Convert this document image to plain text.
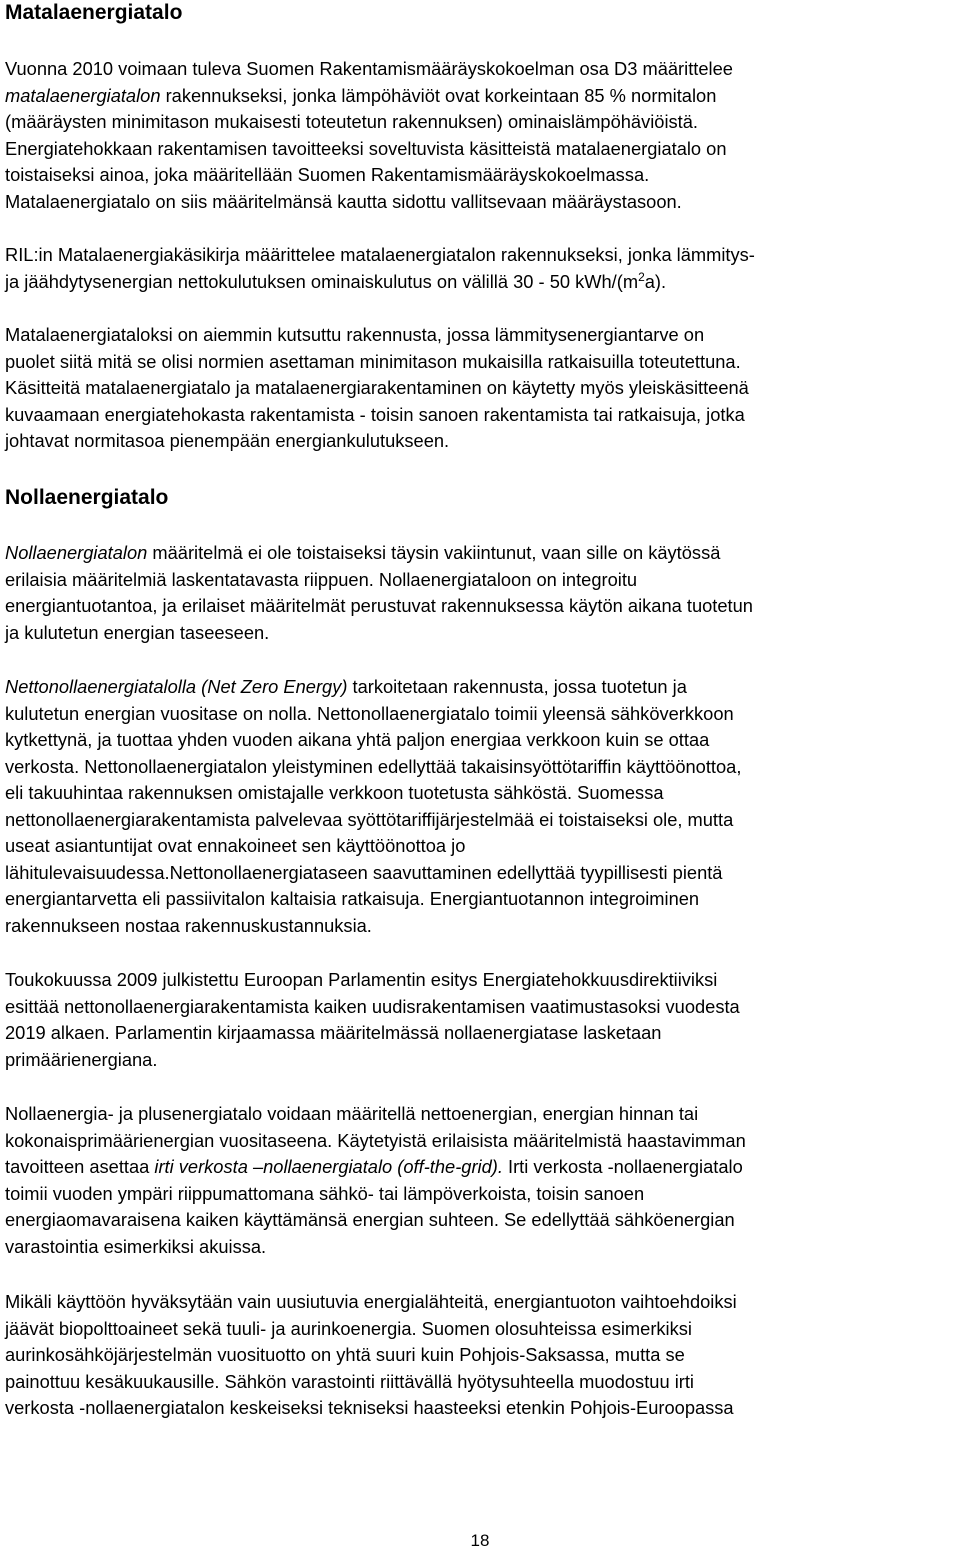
Matalaenergiatalo

Vuonna 2010 voimaan tuleva Suomen Rakentamismääräyskokoelman osa D3 määrittelee
matalaenergiatalon rakennukseksi, jonka lämpöhäviöt ovat korkeintaan 85 % normitalon
(määräysten minimitason mukaisesti toteutetun rakennuksen) ominaislämpöhäviöistä.
Energiatehokkaan rakentamisen tavoitteeksi soveltuvista käsitteistä matalaenergiatalo on
toistaiseksi ainoa, joka määritellään Suomen Rakentamismääräyskokoelmassa.
Matalaenergiatalo on siis määritelmänsä kautta sidottu vallitsevaan määräystasoon.

RIL:in Matalaenergiakäsikirja määrittelee matalaenergiatalon rakennukseksi, jonka lämmitys-
ja jäähdytysenergian nettokulutuksen ominaiskulutus on välillä 30 - 50 kWh/$(m^2a)$.

Matalaenergiataloksi on aiemmin kutsuttu rakennusta, jossa lämmitysenergiantarve on
puolet siitä mitä se olisi normien asettaman minimitason mukaisilla ratkaisuilla toteutettuna.
Käsitteitä matalaenergiatalo ja matalaenergiarakentaminen on käytetty myös yleiskäsitteenä
kuvaamaan energiatehokasta rakentamista - toisin sanoen rakentamista tai ratkaisuja, jotka
johtavat normitasoa pienempään energiankulutukseen.

Nollaenergiatalo

Nollaenergiatalon määritelmä ei ole toistaiseksi täysin vakiintunut, vaan sille on käytössä
erilaisia määritelmiä laskentatavasta riippuen. Nollaenergiataloon on integroitu
energiantuotantoa, ja erilaiset määritelmät perustuvat rakennuksessa käytön aikana tuotetun
ja kulutetun energian taseeseen.

Nettonollaenergiatalolla (Net Zero Energy) tarkoitetaan rakennusta, jossa tuotetun ja
kulutetun energian vuositase on nolla. Nettonollaenergiatalo toimii yleensä sähköverkkoon
kytkettynä, ja tuottaa yhden vuoden aikana yhtä paljon energiaa verkkoon kuin se ottaa
verkosta. Nettonollaenergiatalon yleistyminen edellyttää takaisinsyöttötariffin käyttöönottoa,
eli takuuhintaa rakennuksen omistajalle verkkoon tuotetusta sähköstä. Suomessa
nettonollaenergiarakentamista palvelevaa syöttötariffijärjestelmää ei toistaiseksi ole, mutta
useat asiantuntijat ovat ennakoineet sen käyttöönottoa jo
lähitulevaisuudessa.Nettonollaenergiataseen saavuttaminen edellyttää tyypillisesti pientä
energiantarvetta eli passiivitalon kaltaisia ratkaisuja. Energiantuotannon integroiminen
rakennukseen nostaa rakennuskustannuksia.

Toukokuussa 2009 julkistettu Euroopan Parlamentin esitys Energiatehokkuusdirektiiviksi
esittää nettonollaenergiarakentamista kaiken uudisrakentamisen vaatimustasoksi vuodesta
2019 alkaen. Parlamentin kirjaamassa määritelmässä nollaenergiatase lasketaan
primäärienergiana.

Nollaenergia- ja plusenergiatalo voidaan määritellä nettoenergian, energian hinnan tai
kokonaisprimäärienergian vuositaseena. Käytetyistä erilaisista määritelmistä haastavimman
tavoitteen asettaa irti verkosta –nollaenergiatalo (off-the-grid). Irti verkosta -nollaenergiatalo
toimii vuoden ympäri riippumattomana sähkö- tai lämpöverkoista, toisin sanoen
energiaomavaraisena kaiken käyttämänsä energian suhteen. Se edellyttää sähköenergian
varastointia esimerkiksi akuissa.

Mikäli käyttöön hyväksytään vain uusiutuvia energialähteitä, energiantuoton vaihtoehdoiksi
jäävät biopolttoaineet sekä tuuli- ja aurinkoenergia. Suomen olosuhteissa esimerkiksi
aurinkosähköjärjestelmän vuosituotto on yhtä suuri kuin Pohjois-Saksassa, mutta se
painottuu kesäkuukausille. Sähkön varastointi riittävällä hyötysuhteella muodostuu irti
verkosta -nollaenergiatalon keskeiseksi tekniseksi haasteeksi etenkin Pohjois-Euroopassa

18
